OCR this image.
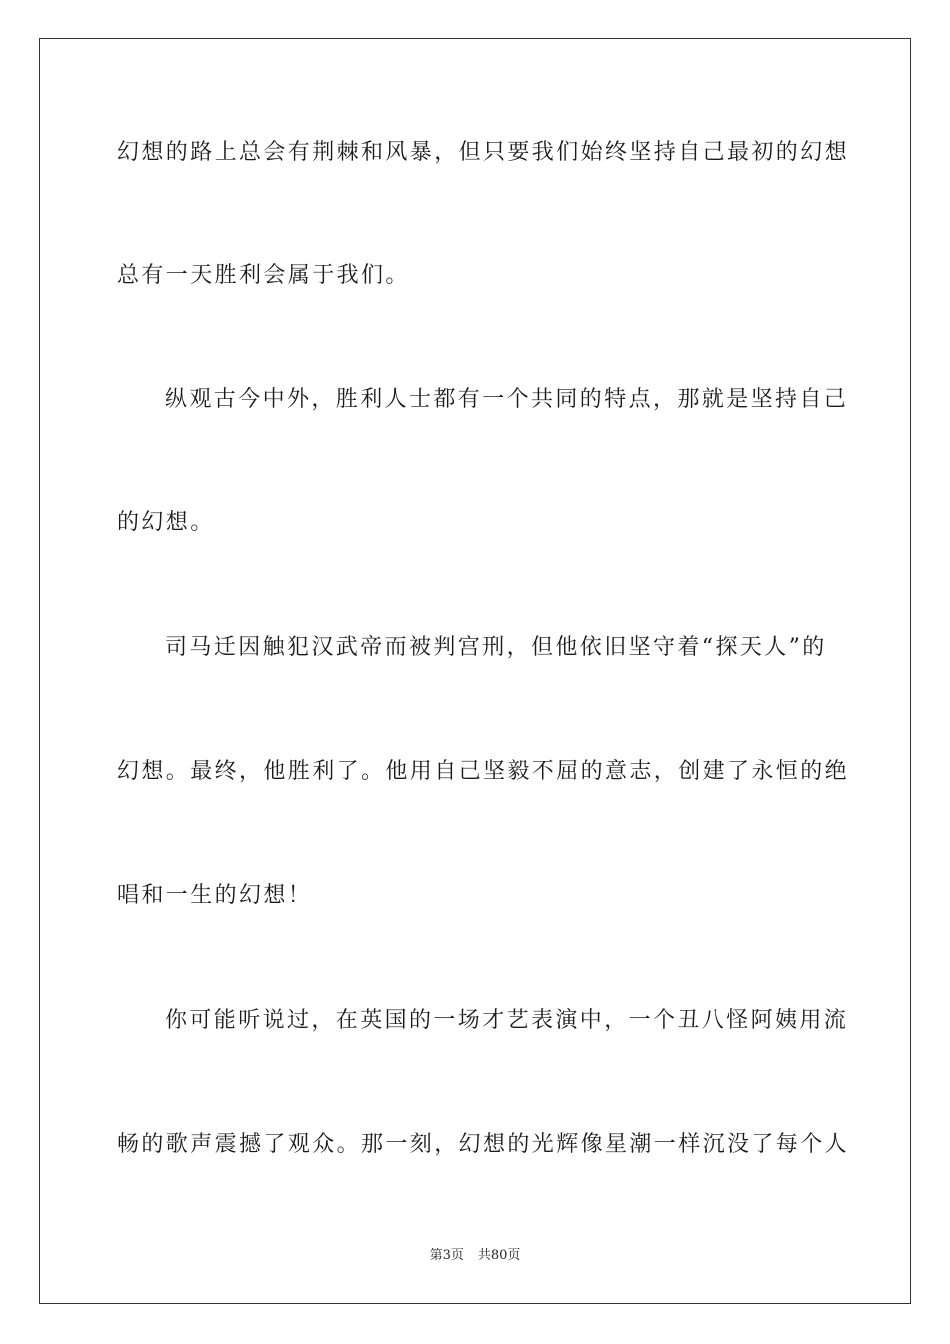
幻想的路上总会有荆棘和风暴，但只要我们始终坚持自己最初的幻想
总有一天胜利会属于我们。
纵观古今中外，胜利人士都有一个共同的特点，那就是坚持自己
的幻想。
司马迁因触犯汉武帝而被判宫刑，但他依旧坚守着“探天人”的
幻想。最终，他胜利了。他用自己坚毅不屈的意志，创建了永恒的绝
唱和一生的幻想！
你可能听说过，在英国的一场才艺表演中，一个丑八怪阿姨用流
畅的歌声震撼了观众。那一刻，幻想的光辉像星潮一样沉没了每个人
第3页 共80页
